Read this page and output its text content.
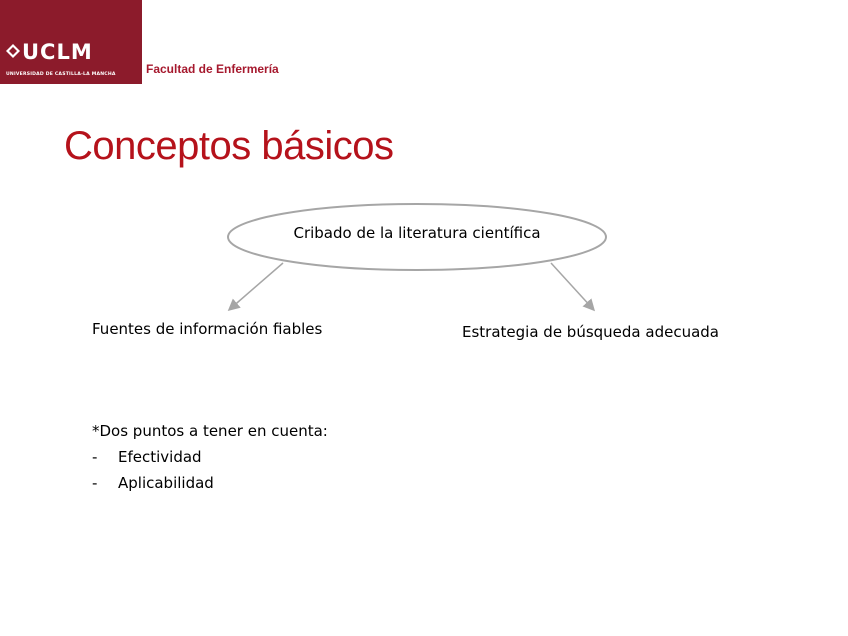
UCLM
UNIVERSIDAD DE CASTILLA-LA MANCHA	Facultad de Enfermería
Conceptos básicos
Cribado de la literatura científica
Fuentes de información fiables	Estrategia de búsqueda adecuada
*Dos puntos a tener en cuenta:
-	Efectividad
-	Aplicabilidad
